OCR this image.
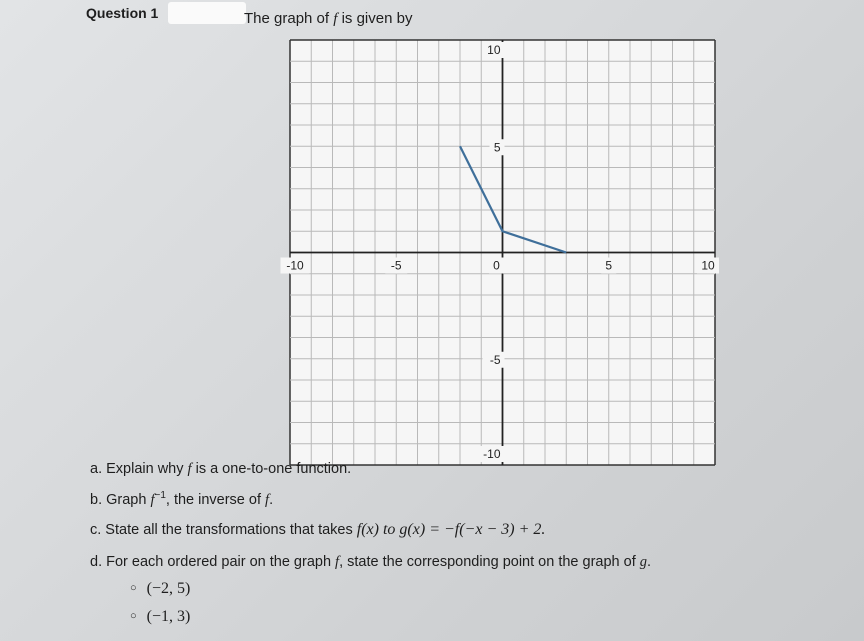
Question 1	The graph of f is given by
-10	-5	0	5	10
10
5
-5
-10
a. Explain why f is a one-to-one function.
b. Graph $f^{-1}$, the inverse of f.
c. State all the transformations that takes f(x) to g(x) = −f(−x − 3) + 2.
d. For each ordered pair on the graph f, state the corresponding point on the graph of g.
○ (−2, 5)
○ (−1, 3)
